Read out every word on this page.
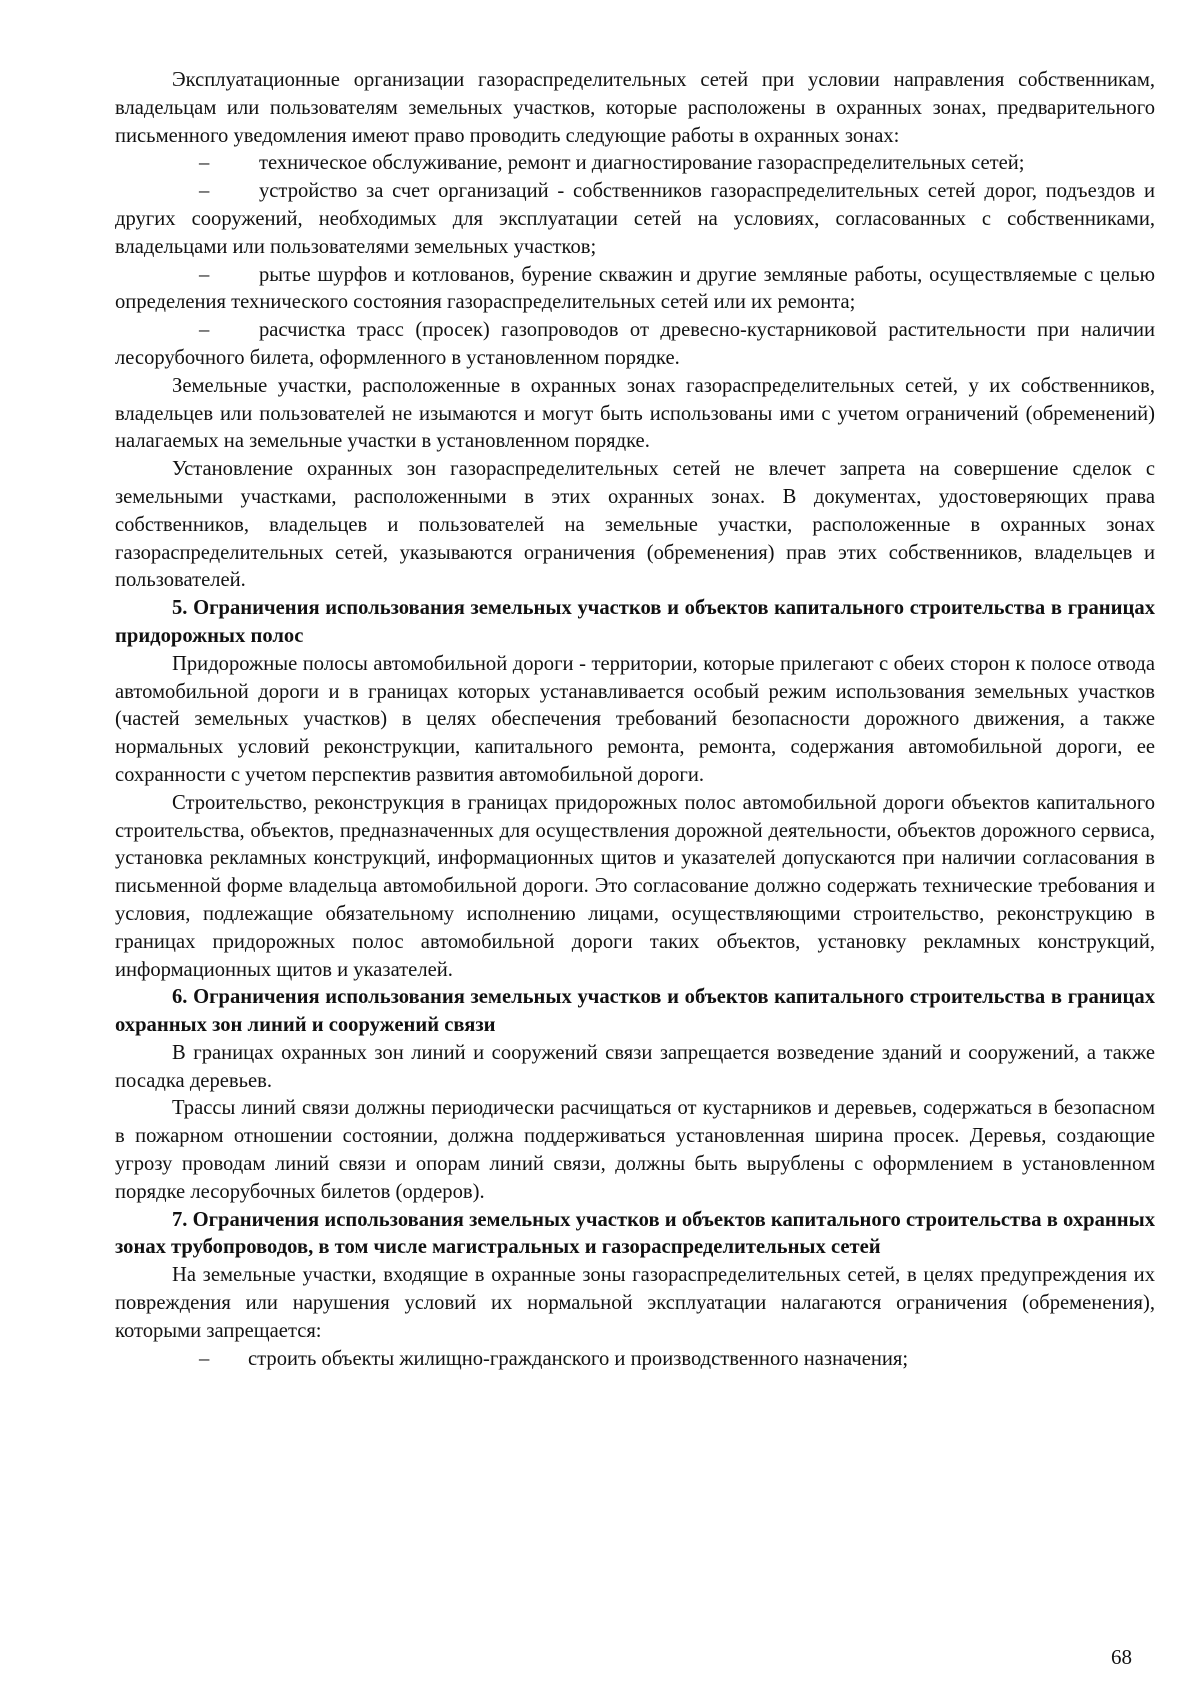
Эксплуатационные организации газораспределительных сетей при условии направления собственникам, владельцам или пользователям земельных участков, которые расположены в охранных зонах, предварительного письменного уведомления имеют право проводить следующие работы в охранных зонах:

– техническое обслуживание, ремонт и диагностирование газораспределительных сетей;

– устройство за счет организаций - собственников газораспределительных сетей дорог, подъездов и других сооружений, необходимых для эксплуатации сетей на условиях, согласованных с собственниками, владельцами или пользователями земельных участков;

– рытье шурфов и котлованов, бурение скважин и другие земляные работы, осуществляемые с целью определения технического состояния газораспределительных сетей или их ремонта;

– расчистка трасс (просек) газопроводов от древесно-кустарниковой растительности при наличии лесорубочного билета, оформленного в установленном порядке.

Земельные участки, расположенные в охранных зонах газораспределительных сетей, у их собственников, владельцев или пользователей не изымаются и могут быть использованы ими с учетом ограничений (обременений) налагаемых на земельные участки в установленном порядке.

Установление охранных зон газораспределительных сетей не влечет запрета на совершение сделок с земельными участками, расположенными в этих охранных зонах. В документах, удостоверяющих права собственников, владельцев и пользователей на земельные участки, расположенные в охранных зонах газораспределительных сетей, указываются ограничения (обременения) прав этих собственников, владельцев и пользователей.

5. Ограничения использования земельных участков и объектов капитального строительства в границах придорожных полос

Придорожные полосы автомобильной дороги - территории, которые прилегают с обеих сторон к полосе отвода автомобильной дороги и в границах которых устанавливается особый режим использования земельных участков (частей земельных участков) в целях обеспечения требований безопасности дорожного движения, а также нормальных условий реконструкции, капитального ремонта, ремонта, содержания автомобильной дороги, ее сохранности с учетом перспектив развития автомобильной дороги.

Строительство, реконструкция в границах придорожных полос автомобильной дороги объектов капитального строительства, объектов, предназначенных для осуществления дорожной деятельности, объектов дорожного сервиса, установка рекламных конструкций, информационных щитов и указателей допускаются при наличии согласования в письменной форме владельца автомобильной дороги. Это согласование должно содержать технические требования и условия, подлежащие обязательному исполнению лицами, осуществляющими строительство, реконструкцию в границах придорожных полос автомобильной дороги таких объектов, установку рекламных конструкций, информационных щитов и указателей.

6. Ограничения использования земельных участков и объектов капитального строительства в границах охранных зон линий и сооружений связи

В границах охранных зон линий и сооружений связи запрещается возведение зданий и сооружений, а также посадка деревьев.

Трассы линий связи должны периодически расчищаться от кустарников и деревьев, содержаться в безопасном в пожарном отношении состоянии, должна поддерживаться установленная ширина просек. Деревья, создающие угрозу проводам линий связи и опорам линий связи, должны быть вырублены с оформлением в установленном порядке лесорубочных билетов (ордеров).

7. Ограничения использования земельных участков и объектов капитального строительства в охранных зонах трубопроводов, в том числе магистральных и газораспределительных сетей

На земельные участки, входящие в охранные зоны газораспределительных сетей, в целях предупреждения их повреждения или нарушения условий их нормальной эксплуатации налагаются ограничения (обременения), которыми запрещается:

– строить объекты жилищно-гражданского и производственного назначения;

68
